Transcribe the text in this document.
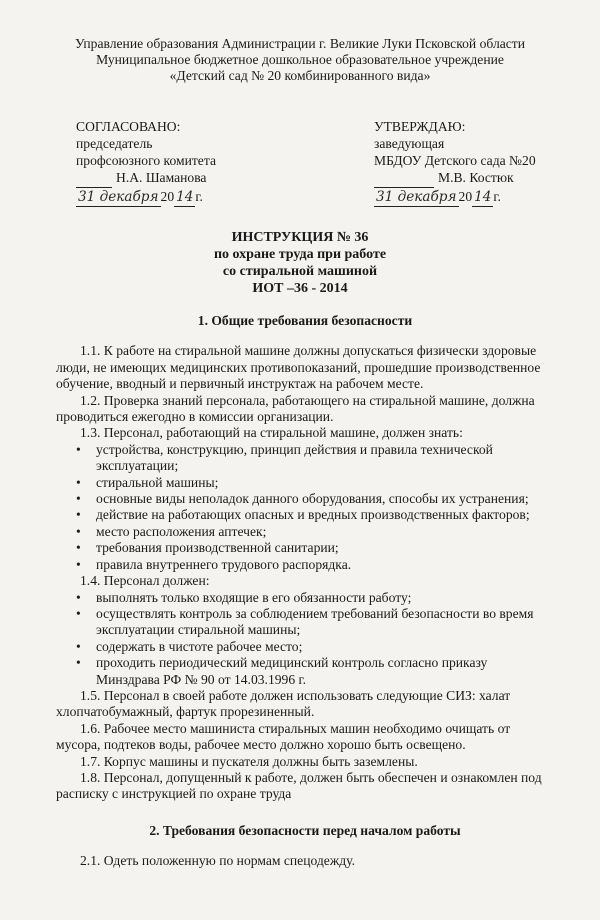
Управление образования Администрации г. Великие Луки Псковской области
Муниципальное бюджетное дошкольное образовательное учреждение
«Детский сад № 20 комбинированного вида»
СОГЛАСОВАНО:
председатель
профсоюзного комитета

Н.А. Шаманова
31 декабря 20 14 г.
УТВЕРЖДАЮ:
заведующая
МБДОУ Детского сада №20

М.В. Костюк
31 декабря 20 14 г.
ИНСТРУКЦИЯ № 36
по охране труда при работе
со стиральной машиной
ИОТ –36 - 2014
1. Общие требования безопасности

1.1. К работе на стиральной машине должны допускаться физически здоровые люди, не имеющих медицинских противопоказаний, прошедшие производственное обучение, вводный и первичный инструктаж на рабочем месте.

1.2. Проверка знаний персонала, работающего на стиральной машине, должна проводиться ежегодно в комиссии организации.

1.3. Персонал, работающий на стиральной машине, должен знать:

• устройства, конструкцию, принцип действия и правила технической эксплуатации;
• стиральной машины;
• основные виды неполадок данного оборудования, способы их устранения;
• действие на работающих опасных и вредных производственных факторов;
• место расположения аптечек;
• требования производственной санитарии;
• правила внутреннего трудового распорядка.

1.4. Персонал должен:

• выполнять только входящие в его обязанности работу;
• осуществлять контроль за соблюдением требований безопасности во время эксплуатации стиральной машины;
• содержать в чистоте рабочее место;
• проходить периодический медицинский контроль согласно приказу Минздрава РФ № 90 от 14.03.1996 г.

1.5. Персонал в своей работе должен использовать следующие СИЗ: халат хлопчатобумажный, фартук прорезиненный.

1.6. Рабочее место машиниста стиральных машин необходимо очищать от мусора, подтеков воды, рабочее место должно хорошо быть освещено.

1.7. Корпус машины и пускателя должны быть заземлены.

1.8. Персонал, допущенный к работе, должен быть обеспечен и ознакомлен под расписку с инструкцией по охране труда

2. Требования безопасности перед началом работы

2.1. Одеть положенную по нормам спецодежду.
